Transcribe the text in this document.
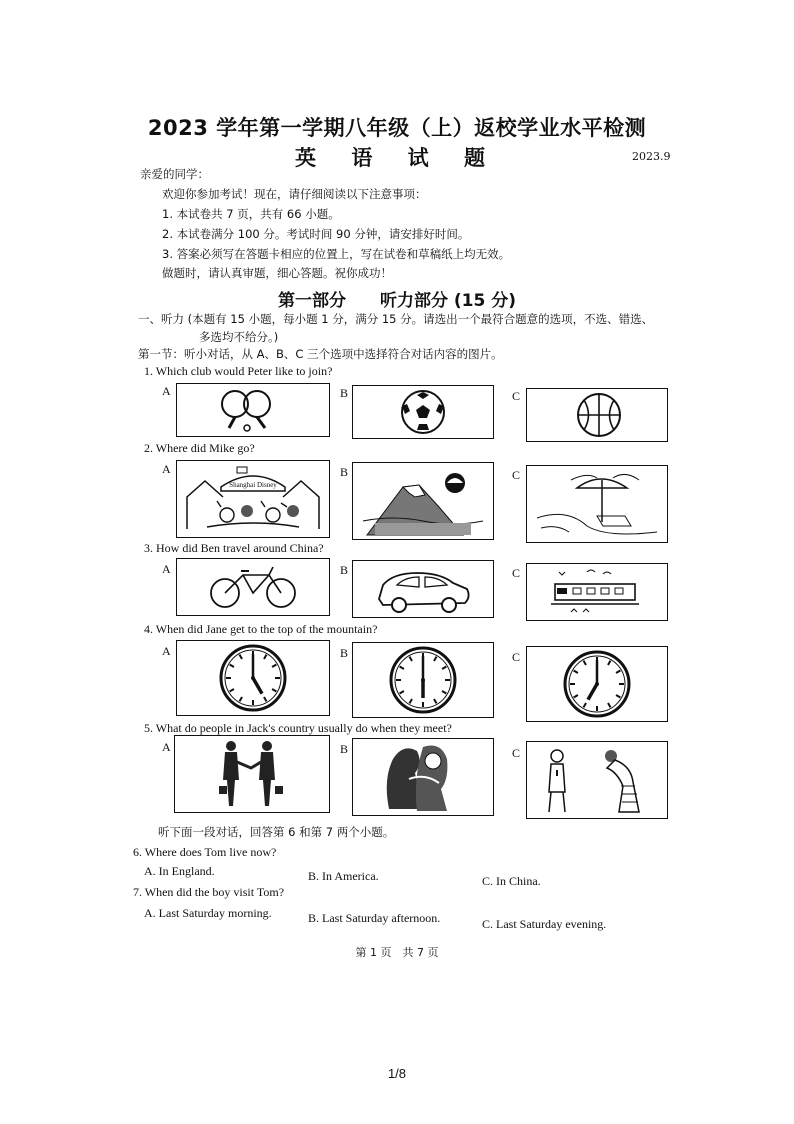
2023 学年第一学期八年级（上）返校学业水平检测
英 语 试 题	2023.9
亲爱的同学：
欢迎你参加考试！现在，请仔细阅读以下注意事项：
1. 本试卷共 7 页，共有 66 小题。
2. 本试卷满分 100 分。考试时间 90 分钟，请安排好时间。
3. 答案必须写在答题卡相应的位置上，写在试卷和草稿纸上均无效。
做题时，请认真审题，细心答题。祝你成功！
第一部分　　听力部分 (15 分)
一、听力 (本题有 15 小题，每小题 1 分，满分 15 分。请选出一个最符合题意的选项，不选、错选、
多选均不给分。)
第一节：听小对话，从 A、B、C 三个选项中选择符合对话内容的图片。
1. Which club would Peter like to join?
A	B	C
2. Where did Mike go?
A	B	C
Shanghai Disney
3. How did Ben travel around China?
A	B	C
4. When did Jane get to the top of the mountain?
A	B	C
5. What do people in Jack's country usually do when they meet?
A	B	C
听下面一段对话，回答第 6 和第 7 两个小题。
6. Where does Tom live now?
A. In England.	B. In America.	C. In China.
7. When did the boy visit Tom?
A. Last Saturday morning.	B. Last Saturday afternoon.	C. Last Saturday evening.
第 1 页　共 7 页
1/8
